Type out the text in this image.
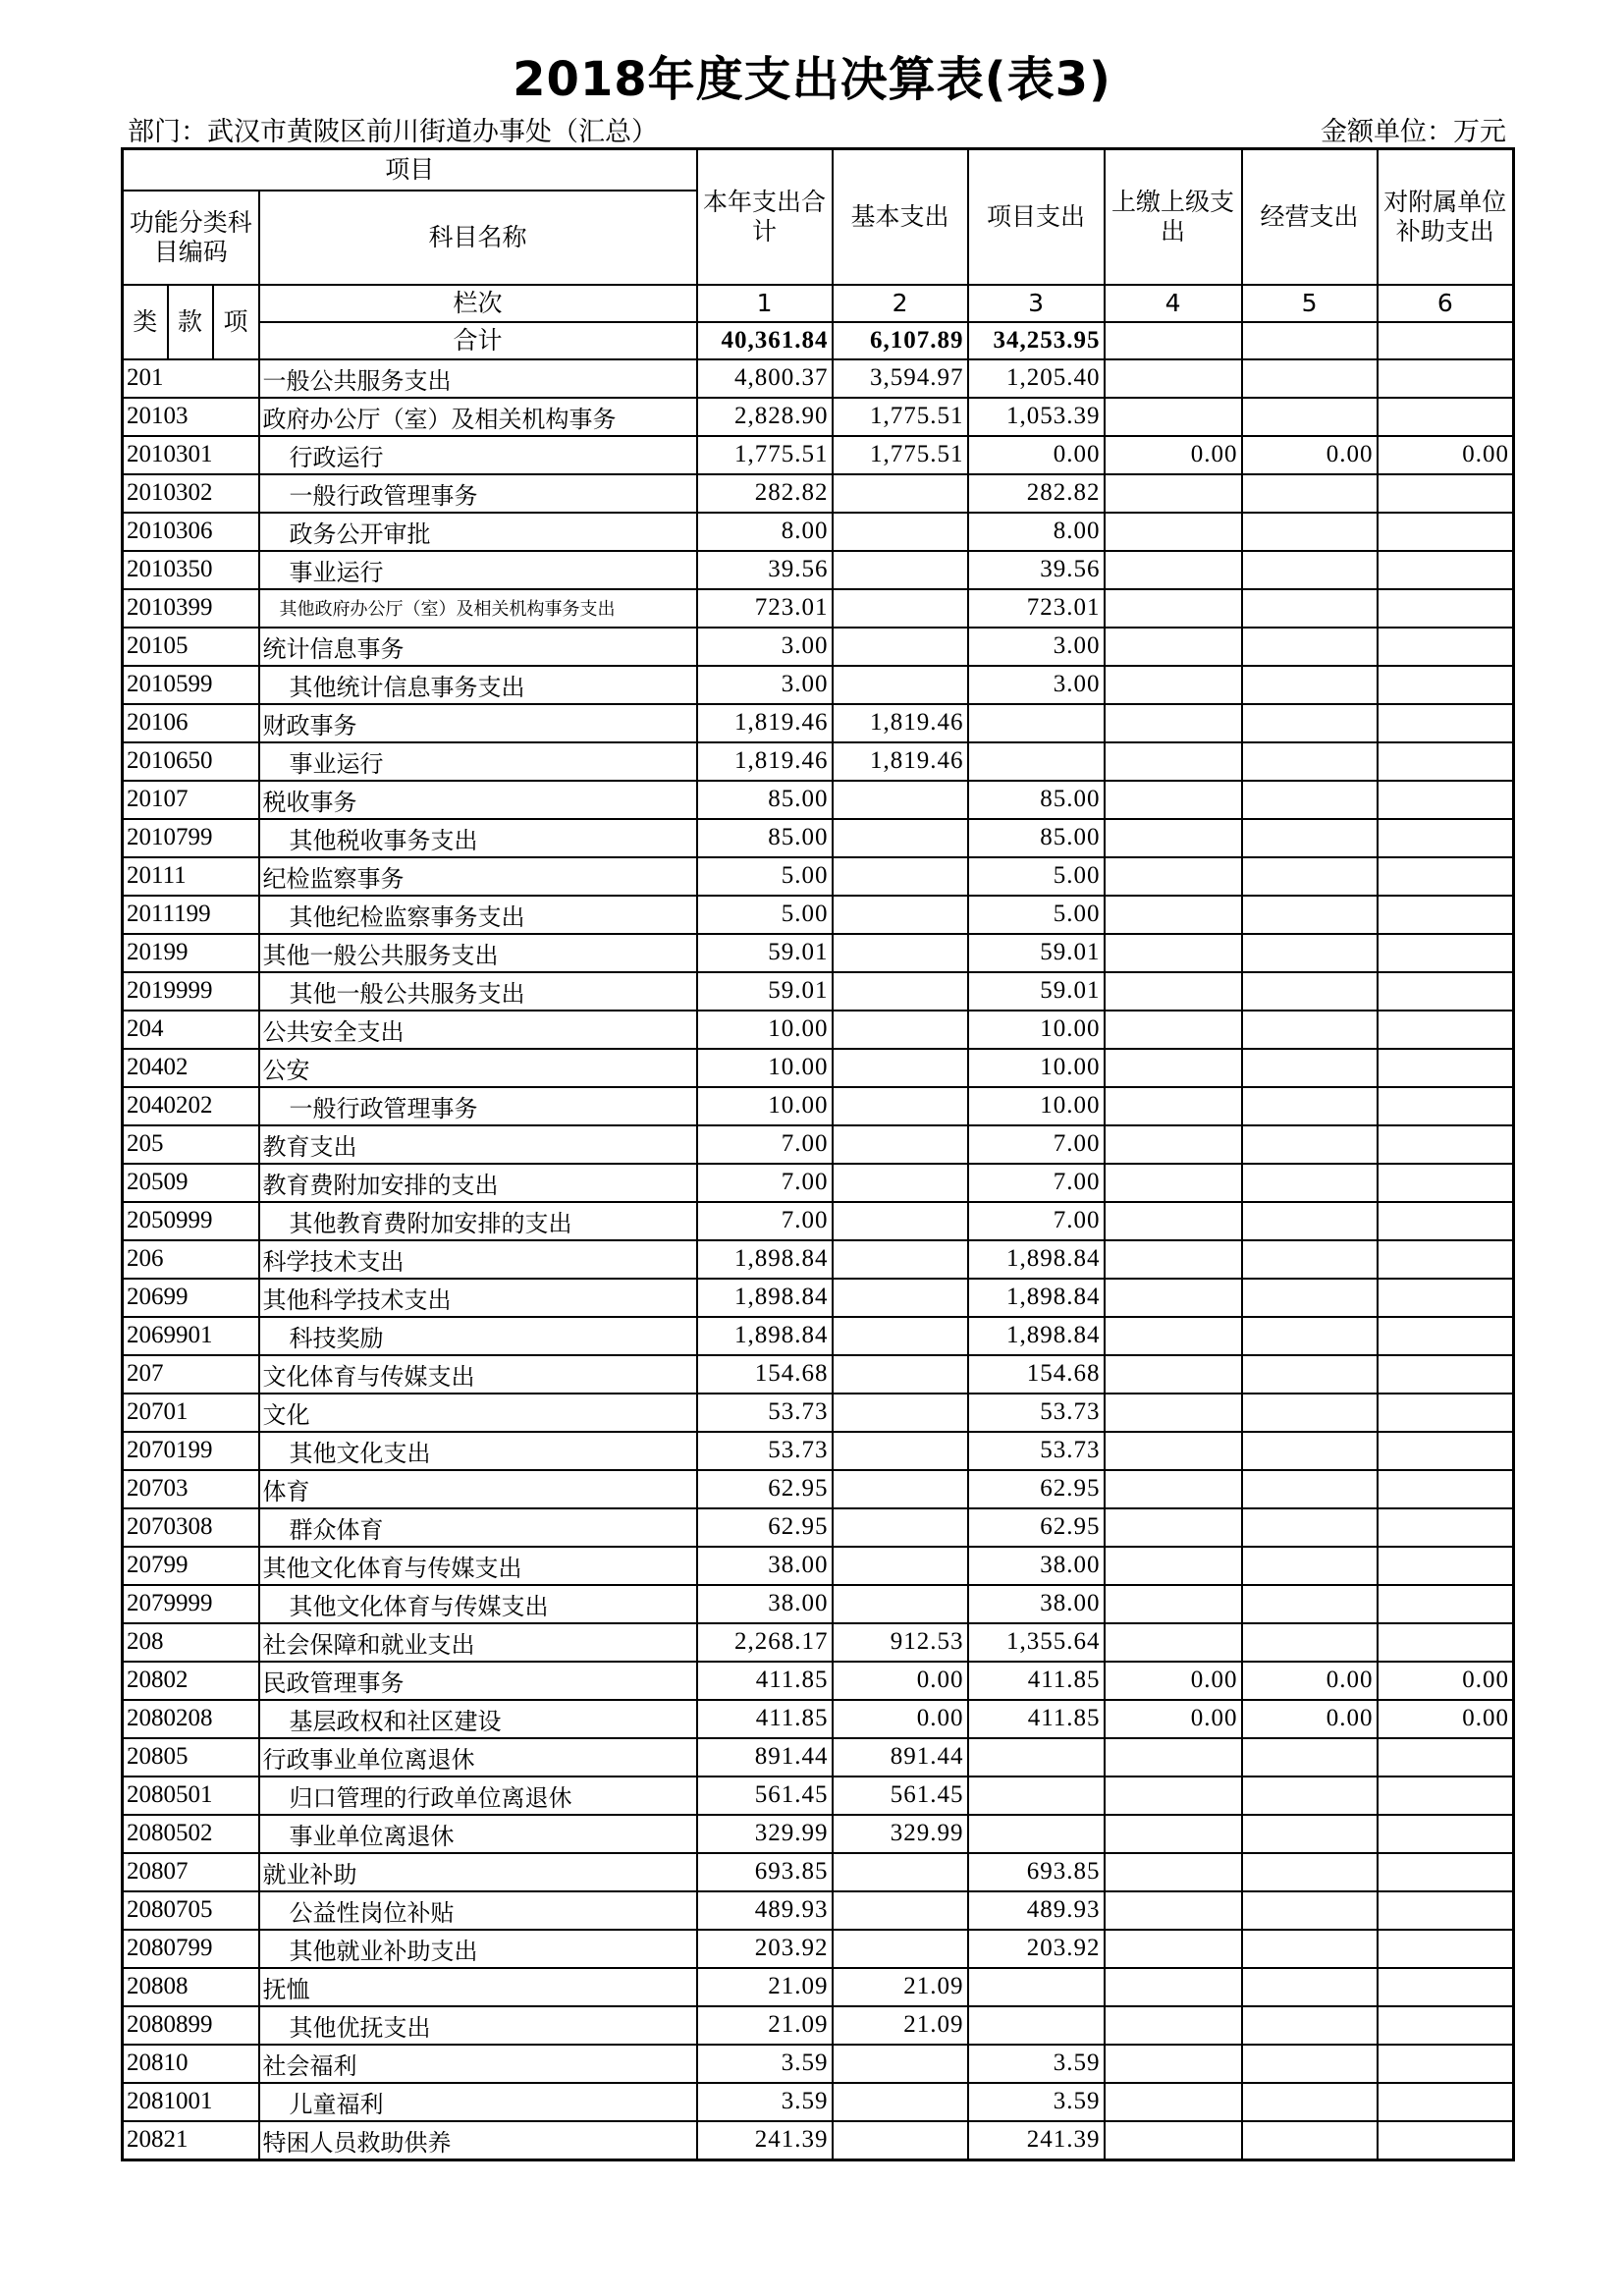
2018年度支出决算表(表3)
部门：武汉市黄陂区前川街道办事处（汇总）	金额单位：万元
项目				本年支出合计	基本支出	项目支出	上缴上级支出	经营支出	对附属单位补助支出
功能分类科目编码			科目名称						
类	款	项	栏次	1	2	3	4	5	6
			合计	40,361.84	6,107.89	34,253.95			
201			一般公共服务支出	4,800.37	3,594.97	1,205.40			
20103			政府办公厅（室）及相关机构事务	2,828.90	1,775.51	1,053.39			
2010301			行政运行	1,775.51	1,775.51	0.00	0.00	0.00	0.00
2010302			一般行政管理事务	282.82		282.82			
2010306			政务公开审批	8.00		8.00			
2010350			事业运行	39.56		39.56			
2010399			其他政府办公厅（室）及相关机构事务支出	723.01		723.01			
20105			统计信息事务	3.00		3.00			
2010599			其他统计信息事务支出	3.00		3.00			
20106			财政事务	1,819.46	1,819.46				
2010650			事业运行	1,819.46	1,819.46				
20107			税收事务	85.00		85.00			
2010799			其他税收事务支出	85.00		85.00			
20111			纪检监察事务	5.00		5.00			
2011199			其他纪检监察事务支出	5.00		5.00			
20199			其他一般公共服务支出	59.01		59.01			
2019999			其他一般公共服务支出	59.01		59.01			
204			公共安全支出	10.00		10.00			
20402			公安	10.00		10.00			
2040202			一般行政管理事务	10.00		10.00			
205			教育支出	7.00		7.00			
20509			教育费附加安排的支出	7.00		7.00			
2050999			其他教育费附加安排的支出	7.00		7.00			
206			科学技术支出	1,898.84		1,898.84			
20699			其他科学技术支出	1,898.84		1,898.84			
2069901			科技奖励	1,898.84		1,898.84			
207			文化体育与传媒支出	154.68		154.68			
20701			文化	53.73		53.73			
2070199			其他文化支出	53.73		53.73			
20703			体育	62.95		62.95			
2070308			群众体育	62.95		62.95			
20799			其他文化体育与传媒支出	38.00		38.00			
2079999			其他文化体育与传媒支出	38.00		38.00			
208			社会保障和就业支出	2,268.17	912.53	1,355.64			
20802			民政管理事务	411.85	0.00	411.85	0.00	0.00	0.00
2080208			基层政权和社区建设	411.85	0.00	411.85	0.00	0.00	0.00
20805			行政事业单位离退休	891.44	891.44				
2080501			归口管理的行政单位离退休	561.45	561.45				
2080502			事业单位离退休	329.99	329.99				
20807			就业补助	693.85		693.85			
2080705			公益性岗位补贴	489.93		489.93			
2080799			其他就业补助支出	203.92		203.92			
20808			抚恤	21.09	21.09				
2080899			其他优抚支出	21.09	21.09				
20810			社会福利	3.59		3.59			
2081001			儿童福利	3.59		3.59			
20821			特困人员救助供养	241.39		241.39			
